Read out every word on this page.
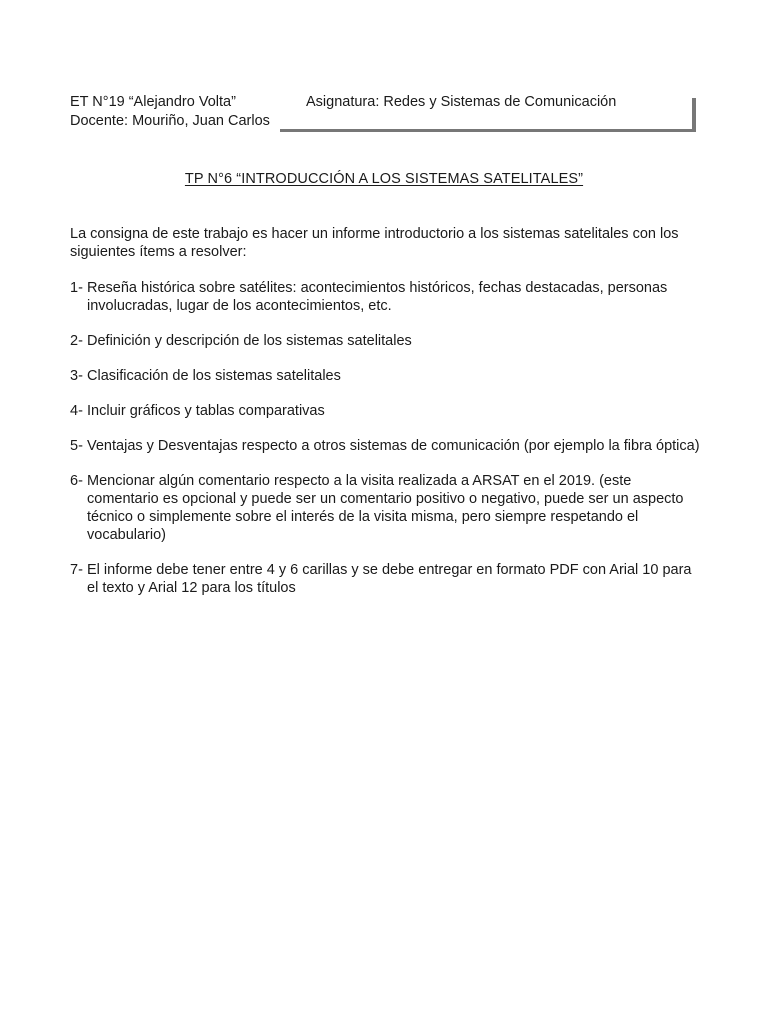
ET N°19 “Alejandro Volta”	Asignatura: Redes y Sistemas de Comunicación
Docente: Mouriño, Juan Carlos
TP N°6 “INTRODUCCIÓN A LOS SISTEMAS SATELITALES”
La consigna de este trabajo es hacer un informe introductorio a los sistemas satelitales con los siguientes ítems a resolver:
1- Reseña histórica sobre satélites: acontecimientos históricos, fechas destacadas, personas involucradas, lugar de los acontecimientos, etc.
2- Definición y descripción de los sistemas satelitales
3- Clasificación de los sistemas satelitales
4- Incluir gráficos y tablas comparativas
5- Ventajas y Desventajas respecto a otros sistemas de comunicación (por ejemplo la fibra óptica)
6- Mencionar algún comentario respecto a la visita realizada a ARSAT en el 2019. (este comentario es opcional y puede ser un comentario positivo o negativo, puede ser un aspecto técnico o simplemente sobre el interés de la visita misma, pero siempre respetando el vocabulario)
7- El informe debe tener entre 4 y 6 carillas y se debe entregar en formato PDF con Arial 10 para el texto y Arial 12 para los títulos
